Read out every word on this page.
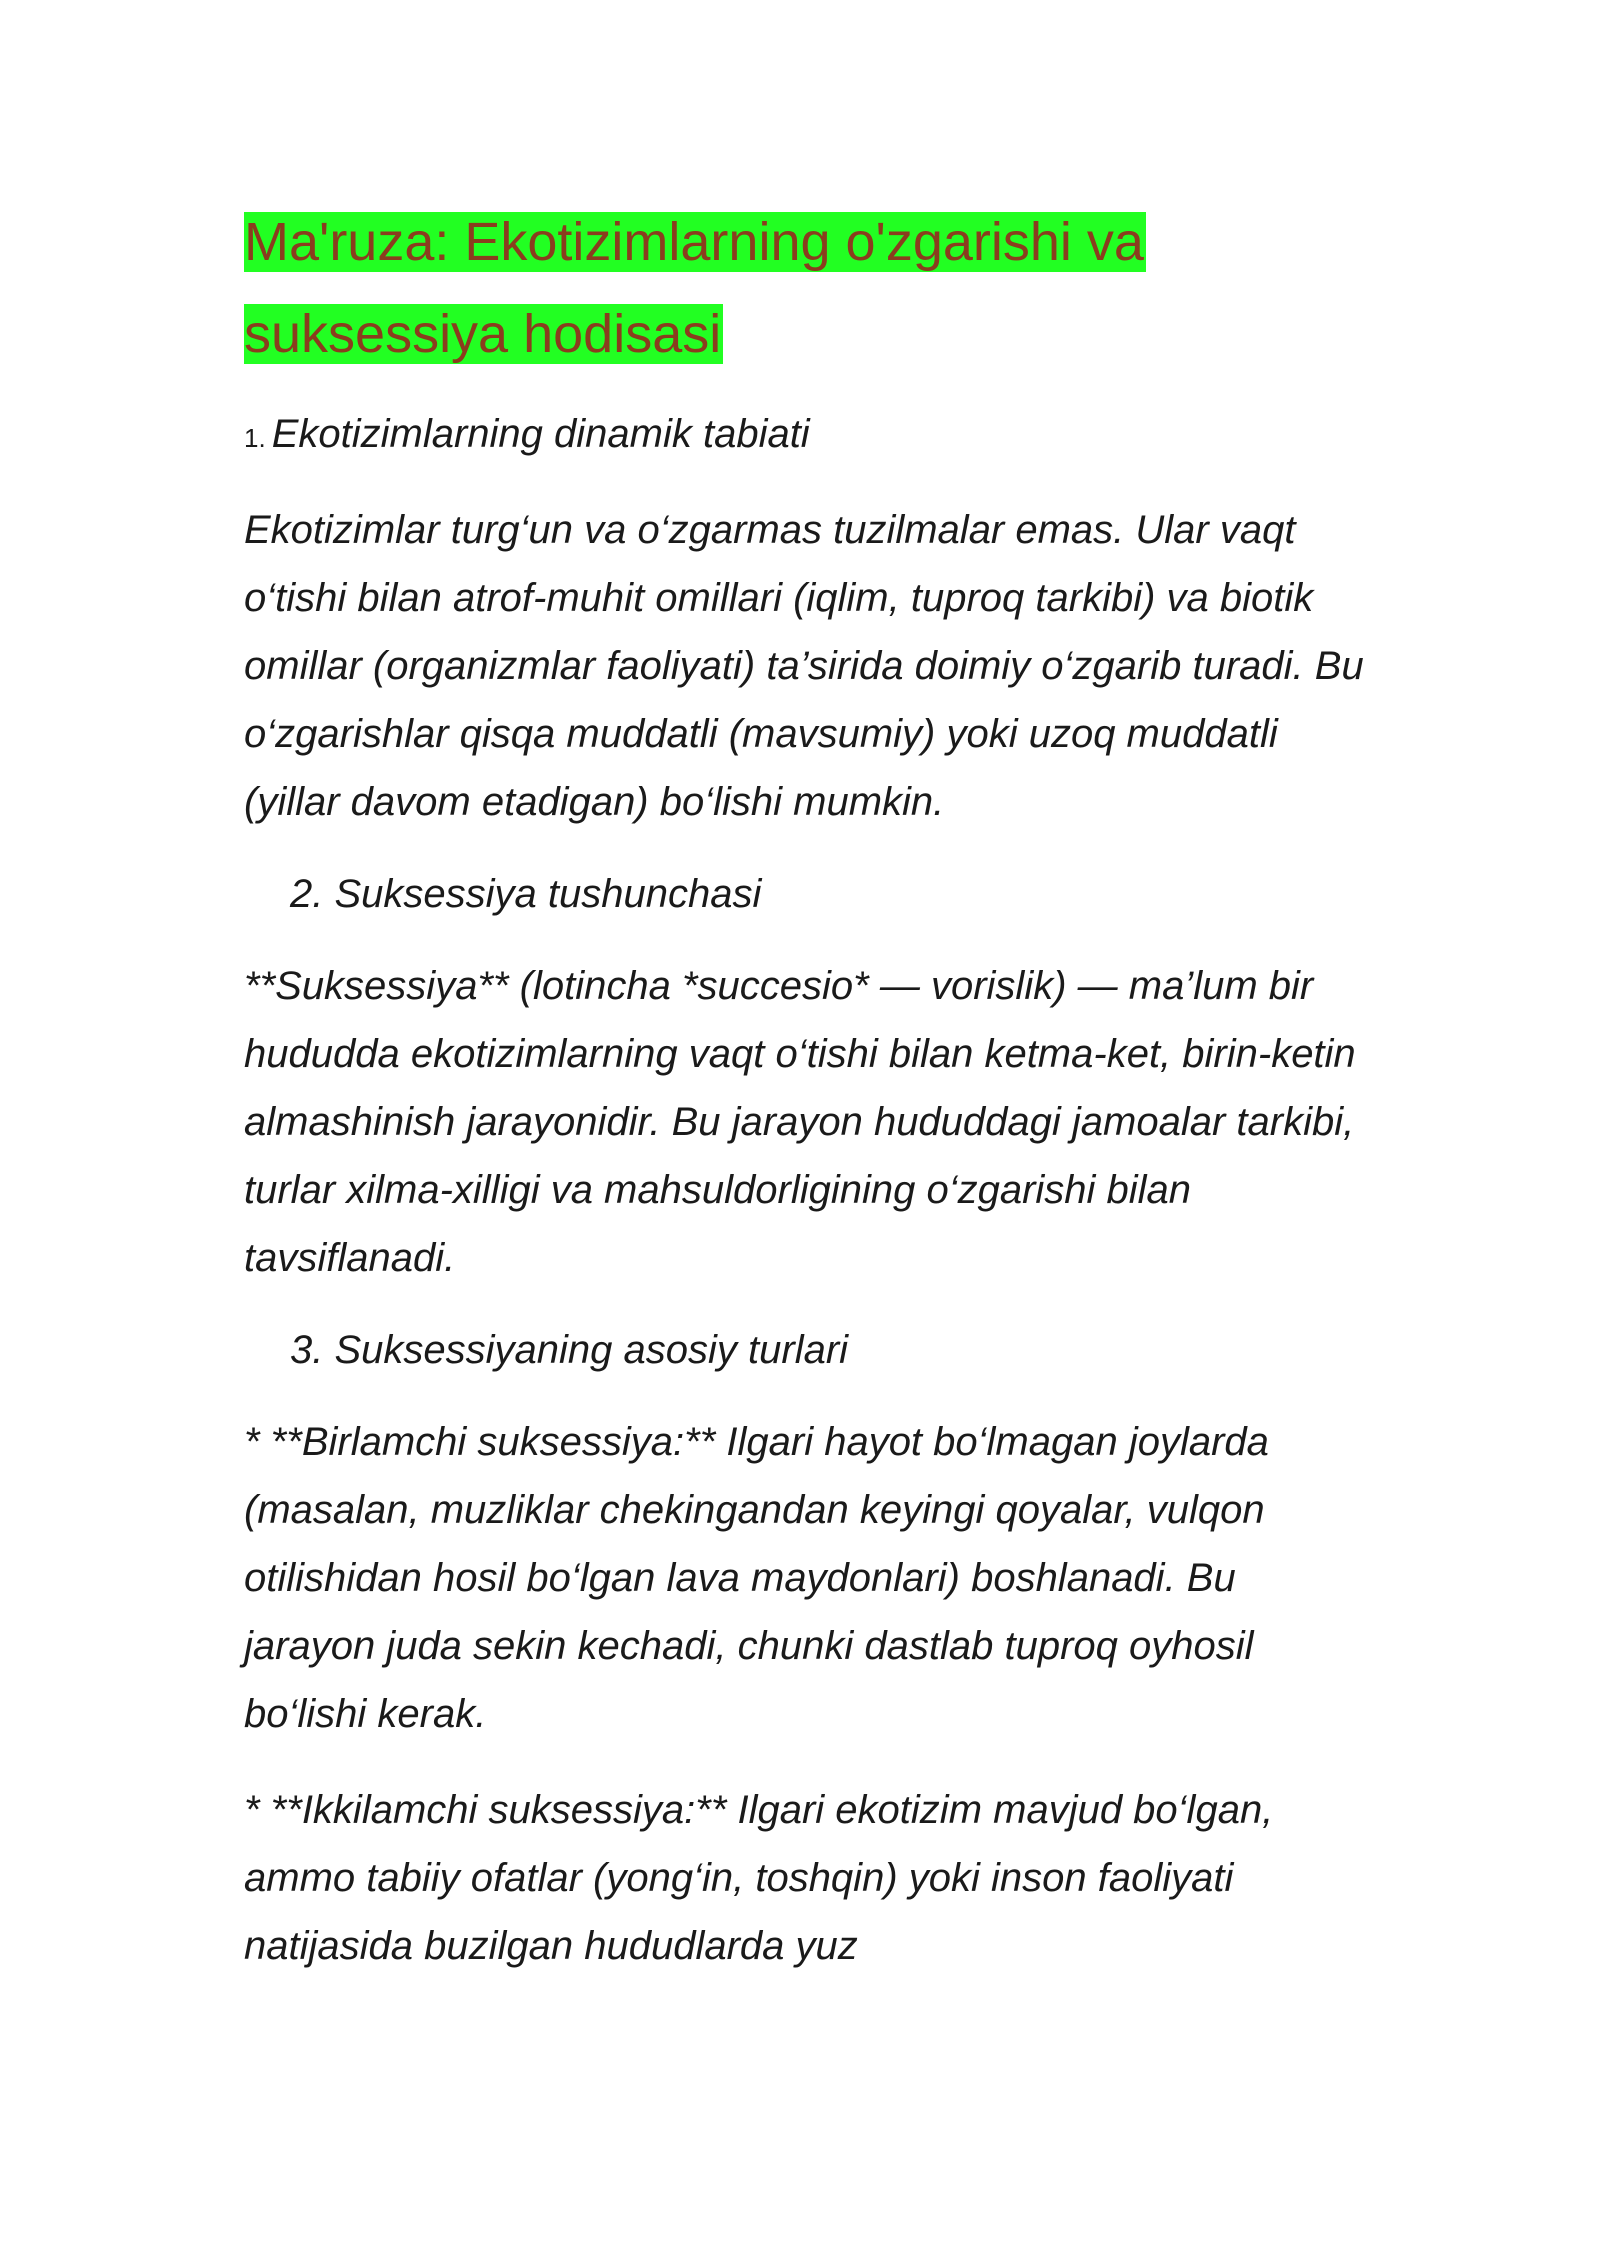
Ma'ruza: Ekotizimlarning o'zgarishi va
suksessiya hodisasi
1. Ekotizimlarning dinamik tabiati

Ekotizimlar turg‘un va o‘zgarmas tuzilmalar emas. Ular vaqt o‘tishi bilan atrof-muhit omillari (iqlim, tuproq tarkibi) va biotik omillar (organizmlar faoliyati) ta’sirida doimiy o‘zgarib turadi. Bu o‘zgarishlar qisqa muddatli (mavsumiy) yoki uzoq muddatli (yillar davom etadigan) bo‘lishi mumkin.

2. Suksessiya tushunchasi

**Suksessiya** (lotincha *succesio* — vorislik) — ma’lum bir hududda ekotizimlarning vaqt o‘tishi bilan ketma-ket, birin-ketin almashinish jarayonidir. Bu jarayon hududdagi jamoalar tarkibi, turlar xilma-xilligi va mahsuldorligining o‘zgarishi bilan tavsiflanadi.

3. Suksessiyaning asosiy turlari

* **Birlamchi suksessiya:** Ilgari hayot bo‘lmagan joylarda (masalan, muzliklar chekingandan keyingi qoyalar, vulqon otilishidan hosil bo‘lgan lava maydonlari) boshlanadi. Bu jarayon juda sekin kechadi, chunki dastlab tuproq oyhosil bo‘lishi kerak.

* **Ikkilamchi suksessiya:** Ilgari ekotizim mavjud bo‘lgan, ammo tabiiy ofatlar (yong‘in, toshqin) yoki inson faoliyati natijasida buzilgan hududlarda yuz
